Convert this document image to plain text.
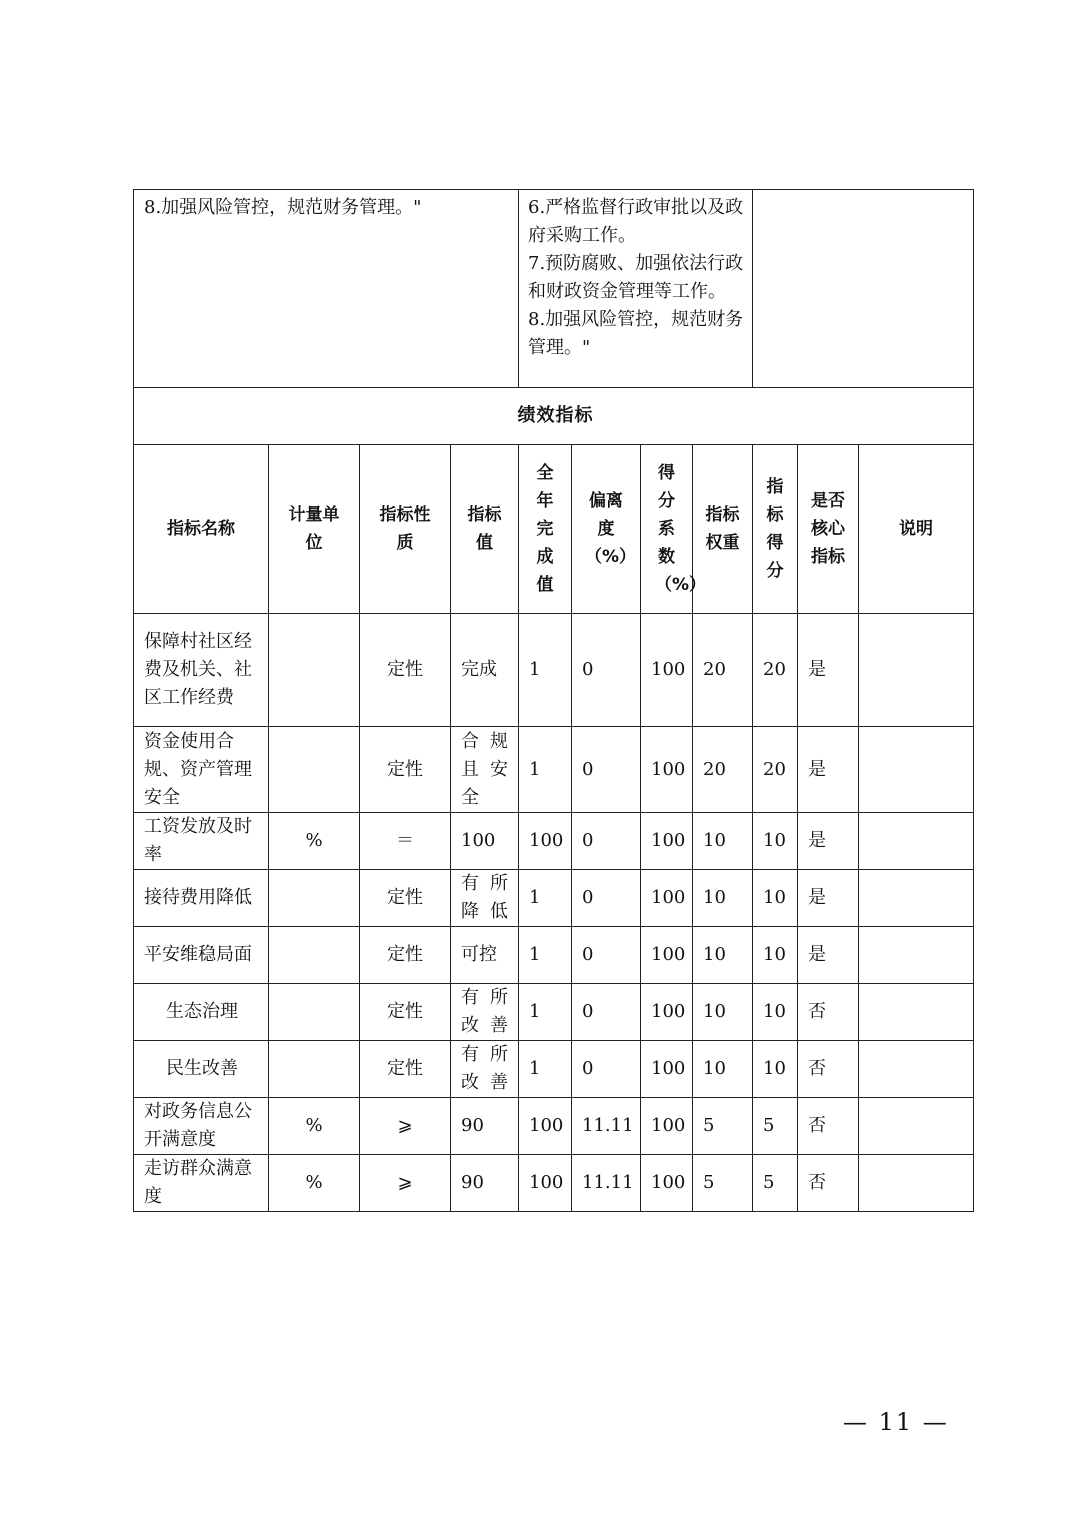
8.加强风险管控，规范财务管理。"	6.严格监督行政审批以及政府采购工作。

7.预防腐败、加强依法行政和财政资金管理等工作。

8.加强风险管控，规范财务管理。"

绩效指标										
指标名称	计量单位	指标性质	指标值	全年完成值	偏离度（%）	得分系数（%）	指标权重	指标得分	是否核心指标	说明
保障村社区经费及机关、社区工作经费		定性	完成	1	0	100	20	20	是	
资金使用合规、资产管理安全		定性	合规且安全	1	0	100	20	20	是	
工资发放及时率	%	＝	100	100	0	100	10	10	是	
接待费用降低		定性	有所降低	1	0	100	10	10	是	
平安维稳局面		定性	可控	1	0	100	10	10	是	
生态治理		定性	有所改善	1	0	100	10	10	否	
民生改善		定性	有所改善	1	0	100	10	10	否	
对政务信息公开满意度	%	⩾	90	100	11.11	100	5	5	否	
走访群众满意度	%	⩾	90	100	11.11	100	5	5	否	
— 11 —
